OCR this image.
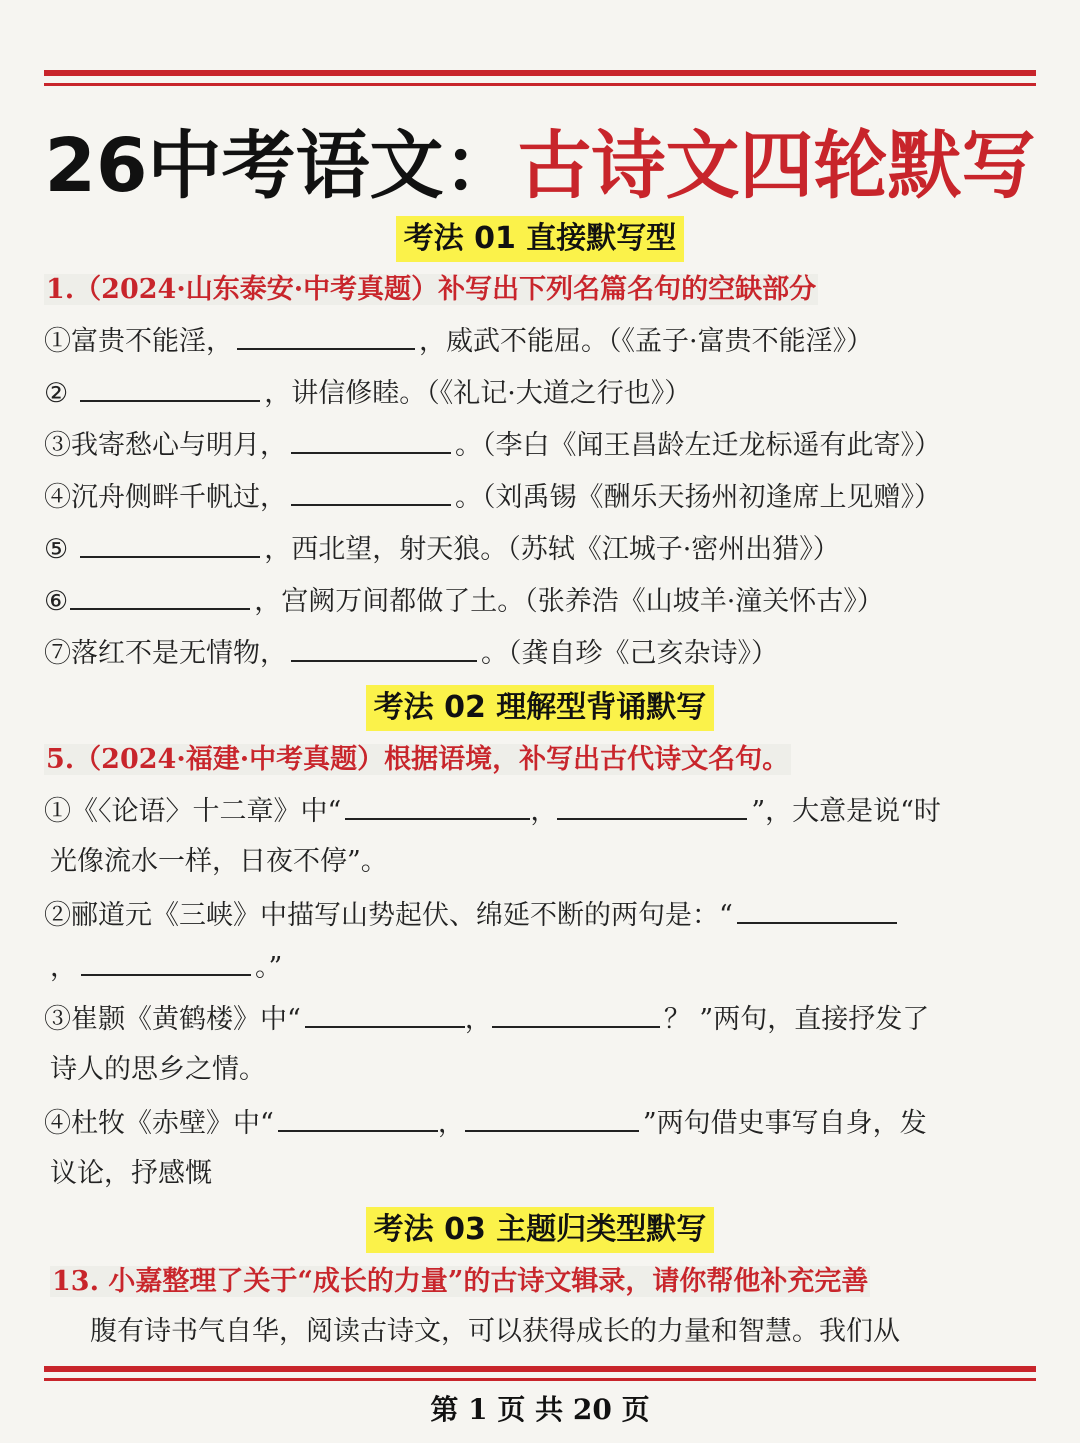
26中考语文：古诗文四轮默写
考法 01 直接默写型
1.（2024·山东泰安·中考真题）补写出下列名篇名句的空缺部分
①富贵不能淫，	，威武不能屈。（《孟子·富贵不能淫》）
②	，讲信修睦。（《礼记·大道之行也》）
③我寄愁心与明月，	。（李白《闻王昌龄左迁龙标遥有此寄》）
④沉舟侧畔千帆过，	。（刘禹锡《酬乐天扬州初逢席上见赠》）
⑤	，西北望，射天狼。（苏轼《江城子·密州出猎》）
⑥	，宫阙万间都做了土。（张养浩《山坡羊·潼关怀古》）
⑦落红不是无情物，	。（龚自珍《己亥杂诗》）
考法 02 理解型背诵默写
5.（2024·福建·中考真题）根据语境，补写出古代诗文名句。
①《〈论语〉十二章》中“	，	”，大意是说“时
光像流水一样，日夜不停”。
②郦道元《三峡》中描写山势起伏、绵延不断的两句是：“
，	。”
③崔颢《黄鹤楼》中“	，	？ ”两句，直接抒发了
诗人的思乡之情。
④杜牧《赤壁》中“	，	”两句借史事写自身，发
议论，抒感慨
考法 03 主题归类型默写
13. 小嘉整理了关于“成长的力量”的古诗文辑录，请你帮他补充完善
腹有诗书气自华，阅读古诗文，可以获得成长的力量和智慧。我们从
第 1 页 共 20 页
